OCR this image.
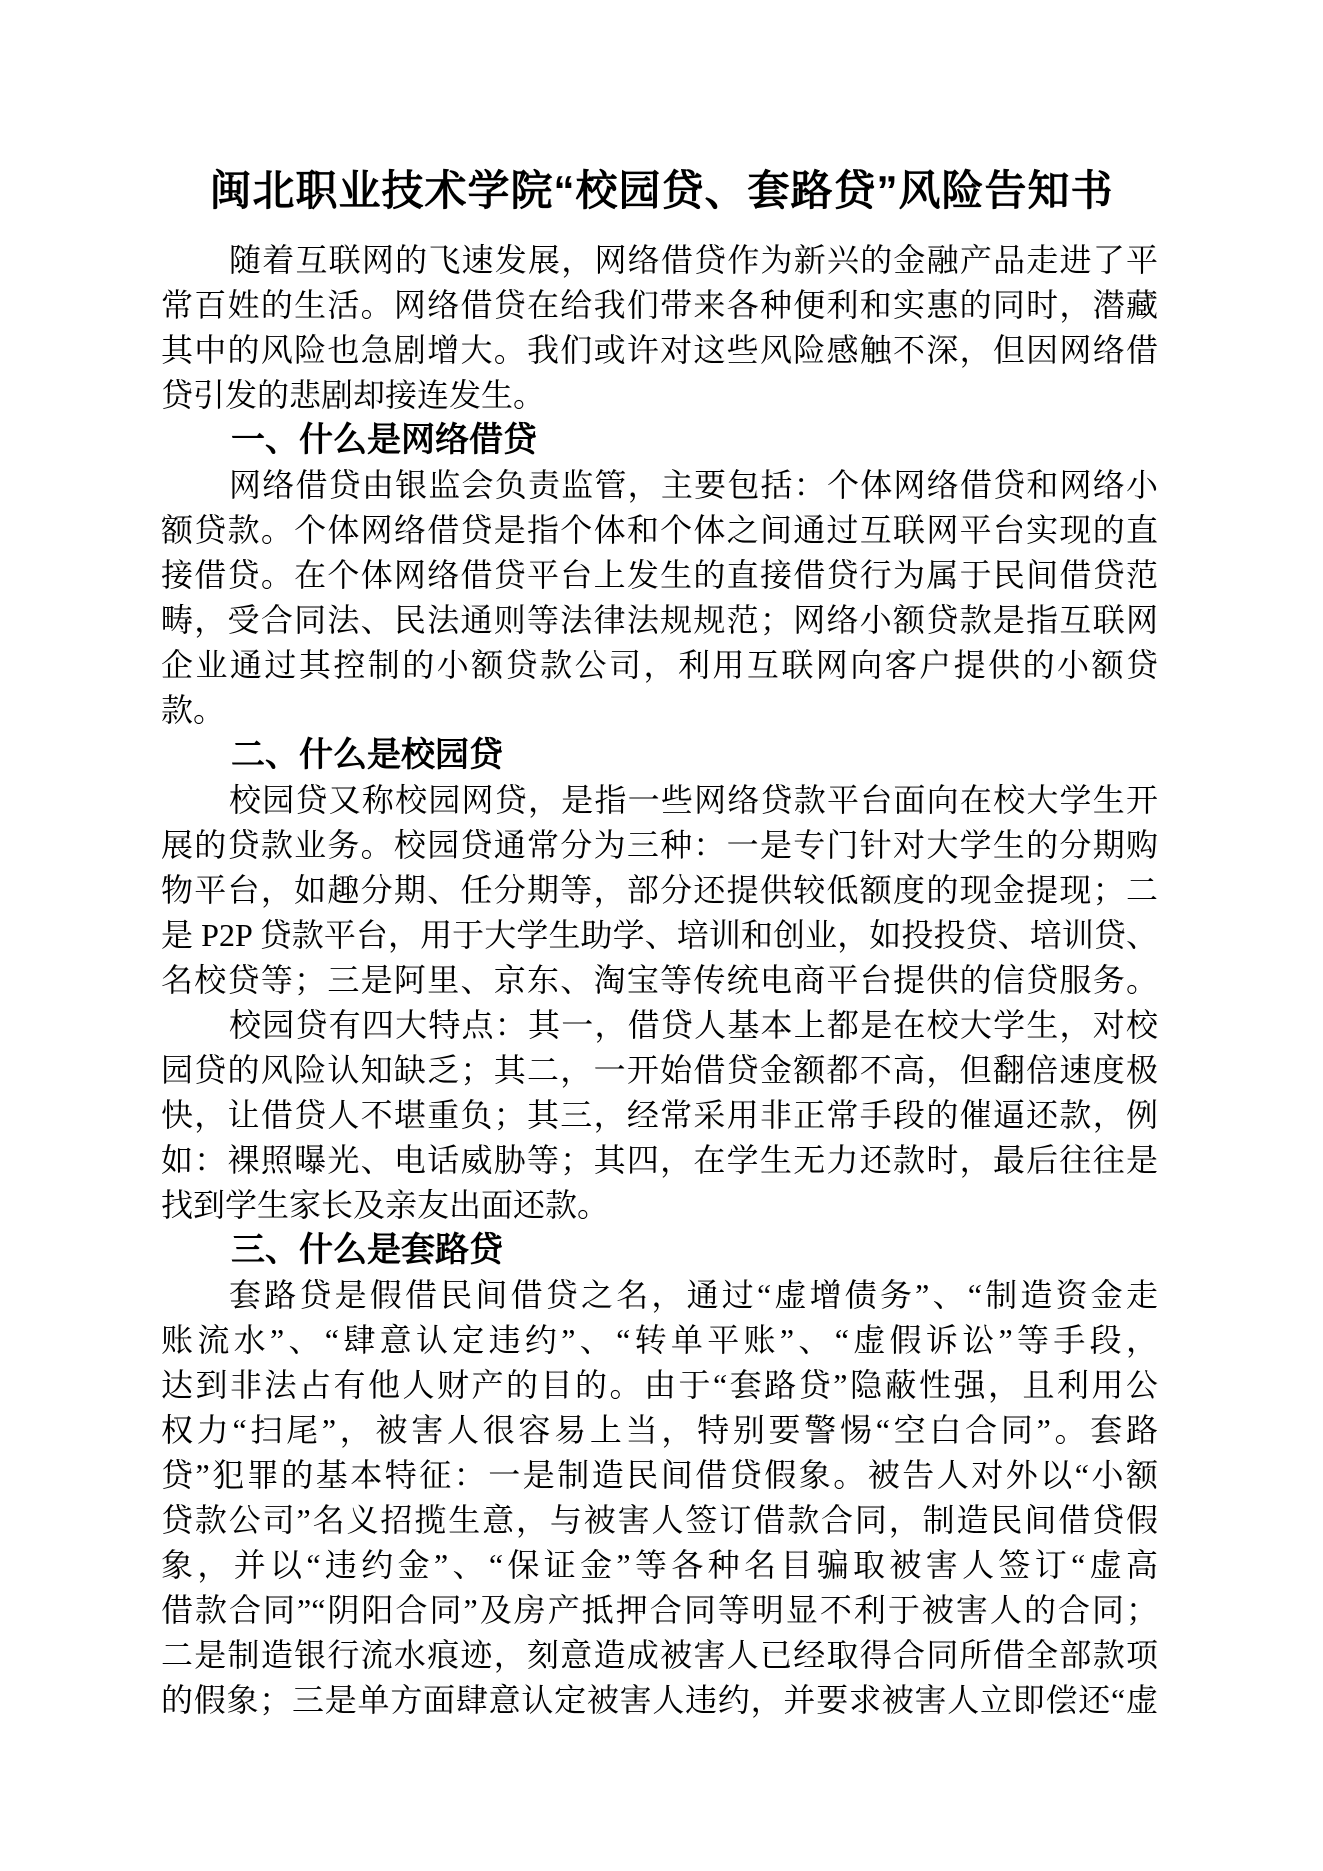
闽北职业技术学院“校园贷、套路贷”风险告知书
随着互联网的飞速发展，网络借贷作为新兴的金融产品走进了平
常百姓的生活。网络借贷在给我们带来各种便利和实惠的同时，潜藏
其中的风险也急剧增大。我们或许对这些风险感触不深，但因网络借
贷引发的悲剧却接连发生。
一、什么是网络借贷
网络借贷由银监会负责监管，主要包括：个体网络借贷和网络小
额贷款。个体网络借贷是指个体和个体之间通过互联网平台实现的直
接借贷。在个体网络借贷平台上发生的直接借贷行为属于民间借贷范
畴，受合同法、民法通则等法律法规规范；网络小额贷款是指互联网
企业通过其控制的小额贷款公司，利用互联网向客户提供的小额贷
款。
二、什么是校园贷
校园贷又称校园网贷，是指一些网络贷款平台面向在校大学生开
展的贷款业务。校园贷通常分为三种：一是专门针对大学生的分期购
物平台，如趣分期、任分期等，部分还提供较低额度的现金提现；二
是 P2P 贷款平台，用于大学生助学、培训和创业，如投投贷、培训贷、
名校贷等；三是阿里、京东、淘宝等传统电商平台提供的信贷服务。
校园贷有四大特点：其一，借贷人基本上都是在校大学生，对校
园贷的风险认知缺乏；其二，一开始借贷金额都不高，但翻倍速度极
快，让借贷人不堪重负；其三，经常采用非正常手段的催逼还款，例
如：裸照曝光、电话威胁等；其四，在学生无力还款时，最后往往是
找到学生家长及亲友出面还款。
三、什么是套路贷
套路贷是假借民间借贷之名，通过“虚增债务”、“制造资金走
账流水”、“肆意认定违约”、“转单平账”、“虚假诉讼”等手段，
达到非法占有他人财产的目的。由于“套路贷”隐蔽性强，且利用公
权力“扫尾”，被害人很容易上当，特别要警惕“空白合同”。套路
贷”犯罪的基本特征：一是制造民间借贷假象。被告人对外以“小额
贷款公司”名义招揽生意，与被害人签订借款合同，制造民间借贷假
象，并以“违约金”、“保证金”等各种名目骗取被害人签订“虚高
借款合同”“阴阳合同”及房产抵押合同等明显不利于被害人的合同；
二是制造银行流水痕迹，刻意造成被害人已经取得合同所借全部款项
的假象；三是单方面肆意认定被害人违约，并要求被害人立即偿还“虚
